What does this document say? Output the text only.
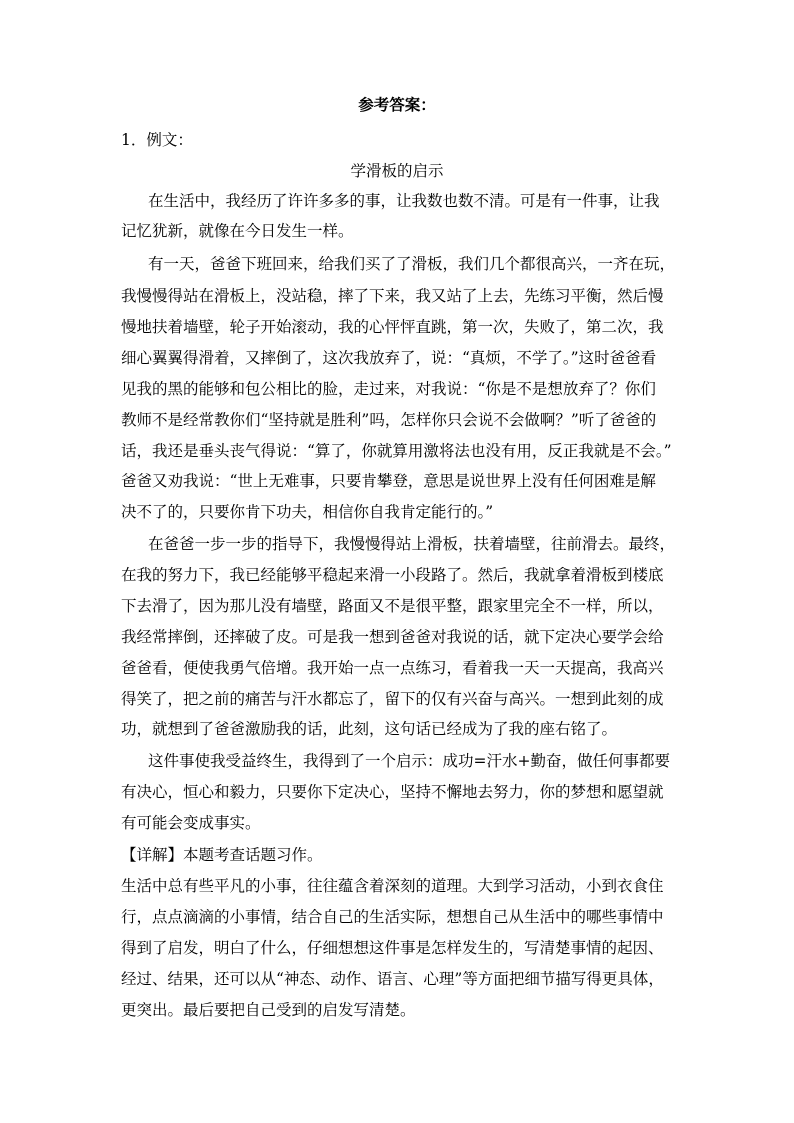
参考答案：
1．例文：
学滑板的启示
在生活中，我经历了许许多多的事，让我数也数不清。可是有一件事，让我
记忆犹新，就像在今日发生一样。
有一天，爸爸下班回来，给我们买了了滑板，我们几个都很高兴，一齐在玩，
我慢慢得站在滑板上，没站稳，摔了下来，我又站了上去，先练习平衡，然后慢
慢地扶着墙壁，轮子开始滚动，我的心怦怦直跳，第一次，失败了，第二次，我
细心翼翼得滑着，又摔倒了，这次我放弃了，说：“真烦，不学了。”这时爸爸看
见我的黑的能够和包公相比的脸，走过来，对我说：“你是不是想放弃了？你们
教师不是经常教你们“坚持就是胜利”吗，怎样你只会说不会做啊？”听了爸爸的
话，我还是垂头丧气得说：“算了，你就算用激将法也没有用，反正我就是不会。”
爸爸又劝我说：“世上无难事，只要肯攀登，意思是说世界上没有任何困难是解
决不了的，只要你肯下功夫，相信你自我肯定能行的。”
在爸爸一步一步的指导下，我慢慢得站上滑板，扶着墙壁，往前滑去。最终，
在我的努力下，我已经能够平稳起来滑一小段路了。然后，我就拿着滑板到楼底
下去滑了，因为那儿没有墙壁，路面又不是很平整，跟家里完全不一样，所以，
我经常摔倒，还摔破了皮。可是我一想到爸爸对我说的话，就下定决心要学会给
爸爸看，便使我勇气倍增。我开始一点一点练习，看着我一天一天提高，我高兴
得笑了，把之前的痛苦与汗水都忘了，留下的仅有兴奋与高兴。一想到此刻的成
功，就想到了爸爸激励我的话，此刻，这句话已经成为了我的座右铭了。
这件事使我受益终生，我得到了一个启示：成功=汗水+勤奋，做任何事都要
有决心，恒心和毅力，只要你下定决心，坚持不懈地去努力，你的梦想和愿望就
有可能会变成事实。
【详解】本题考查话题习作。
生活中总有些平凡的小事，往往蕴含着深刻的道理。大到学习活动，小到衣食住
行，点点滴滴的小事情，结合自己的生活实际，想想自己从生活中的哪些事情中
得到了启发，明白了什么，仔细想想这件事是怎样发生的，写清楚事情的起因、
经过、结果，还可以从“神态、动作、语言、心理”等方面把细节描写得更具体，
更突出。最后要把自己受到的启发写清楚。
